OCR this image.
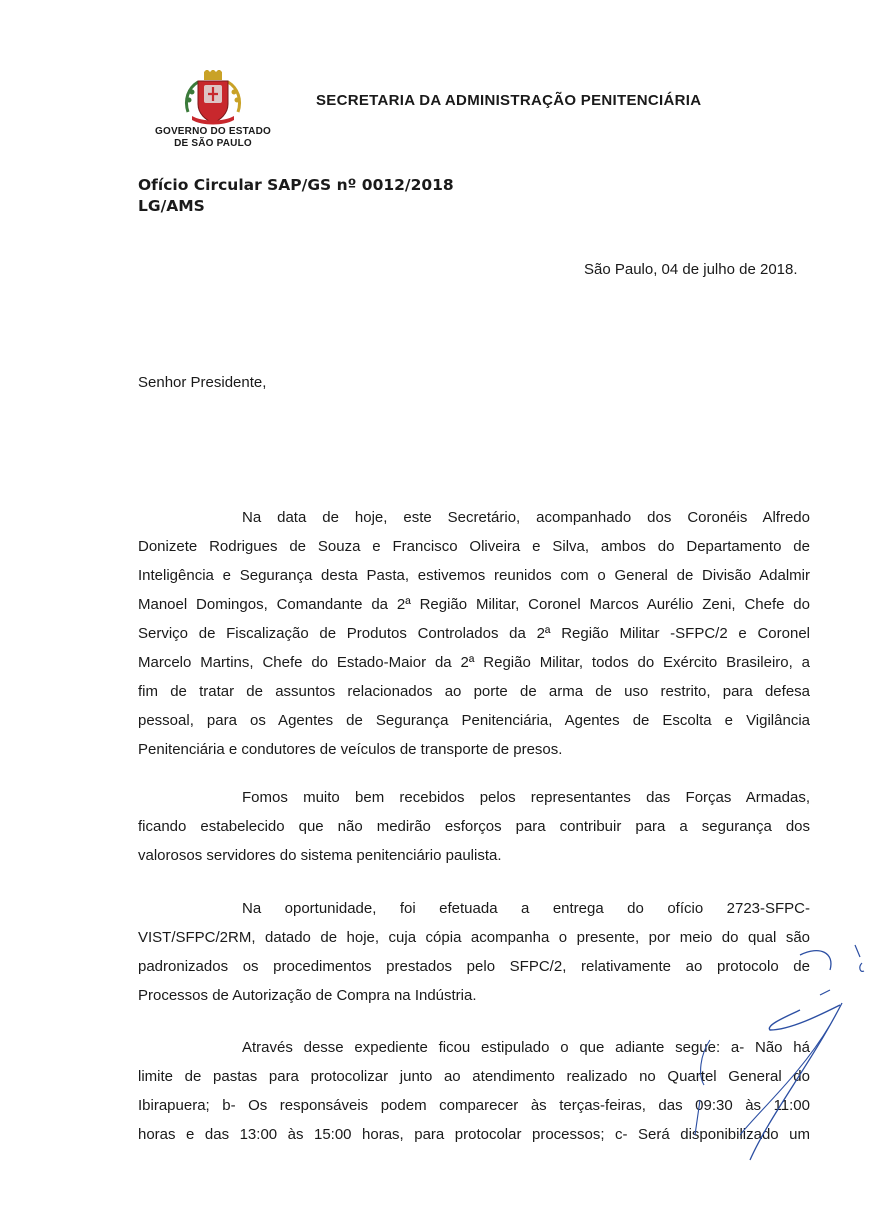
GOVERNO DO ESTADO
DE SÃO PAULO
SECRETARIA DA ADMINISTRAÇÃO PENITENCIÁRIA
Ofício Circular SAP/GS nº 0012/2018
LG/AMS
São Paulo, 04 de julho de 2018.
Senhor Presidente,
Na data de hoje, este Secretário, acompanhado dos Coronéis Alfredo
Donizete Rodrigues de Souza e Francisco Oliveira e Silva, ambos do Departamento de
Inteligência e Segurança desta Pasta, estivemos reunidos com o General de Divisão Adalmir
Manoel Domingos, Comandante da 2ª Região Militar, Coronel Marcos Aurélio Zeni, Chefe do
Serviço de Fiscalização de Produtos Controlados da 2ª Região Militar -SFPC/2 e Coronel
Marcelo Martins, Chefe do Estado-Maior da 2ª Região Militar, todos do Exército Brasileiro, a
fim de tratar de assuntos relacionados ao porte de arma de uso restrito, para defesa
pessoal, para os Agentes de Segurança Penitenciária, Agentes de Escolta e Vigilância
Penitenciária e condutores de veículos de transporte de presos.
Fomos muito bem recebidos pelos representantes das Forças Armadas,
ficando estabelecido que não medirão esforços para contribuir para a segurança dos
valorosos servidores do sistema penitenciário paulista.
Na oportunidade, foi efetuada a entrega do ofício 2723-SFPC-
VIST/SFPC/2RM, datado de hoje, cuja cópia acompanha o presente, por meio do qual são
padronizados os procedimentos prestados pelo SFPC/2, relativamente ao protocolo de
Processos de Autorização de Compra na Indústria.
Através desse expediente ficou estipulado o que adiante segue: a- Não há
limite de pastas para protocolizar junto ao atendimento realizado no Quartel General do
Ibirapuera; b- Os responsáveis podem comparecer às terças-feiras, das 09:30 às 11:00
horas e das 13:00 às 15:00 horas, para protocolar processos; c- Será disponibilizado um
